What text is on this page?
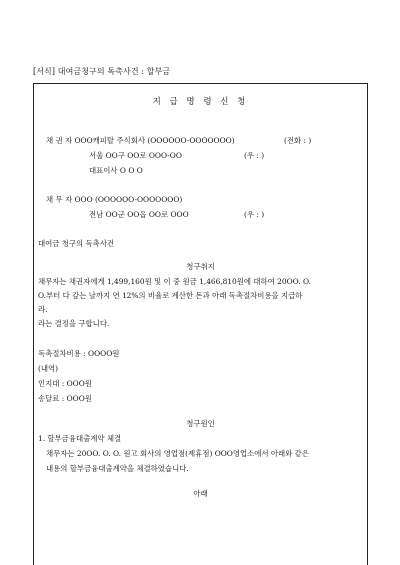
[서식] 대여금청구의 독촉사건 : 할부금
지 급 명 령 신 청
채 권 자 OOO캐피탈 주식회사 (OOOOOO-OOOOOOO)	(전화 : )
서울 OO구 OO로 OOO-OO	(우 : )
대표이사 O O O
채 무 자 OOO (OOOOOO-OOOOOOO)
전남 OO군 OO읍 OO로 OOO	(우 : )
대여금 청구의 독촉사건
청구취지
채무자는 채권자에게 1,499,160원 및 이 중 원금 1,466,810원에 대하여 20OO. O.
O.부터 다 갚는 날까지 연 12%의 비율로 계산한 돈과 아래 독촉절차비용을 지급하
라.
라는 결정을 구합니다.
독촉절차비용 : OOOO원
(내역)
인지대 : OOO원
송달료 : OOO원
청구원인
1. 할부금융대출계약 체결
채무자는 20OO. O. O. 원고 회사의 영업점(제휴점) OOO영업소에서 아래와 같은
내용의 할부금융대출계약을 체결하였습니다.
아래
